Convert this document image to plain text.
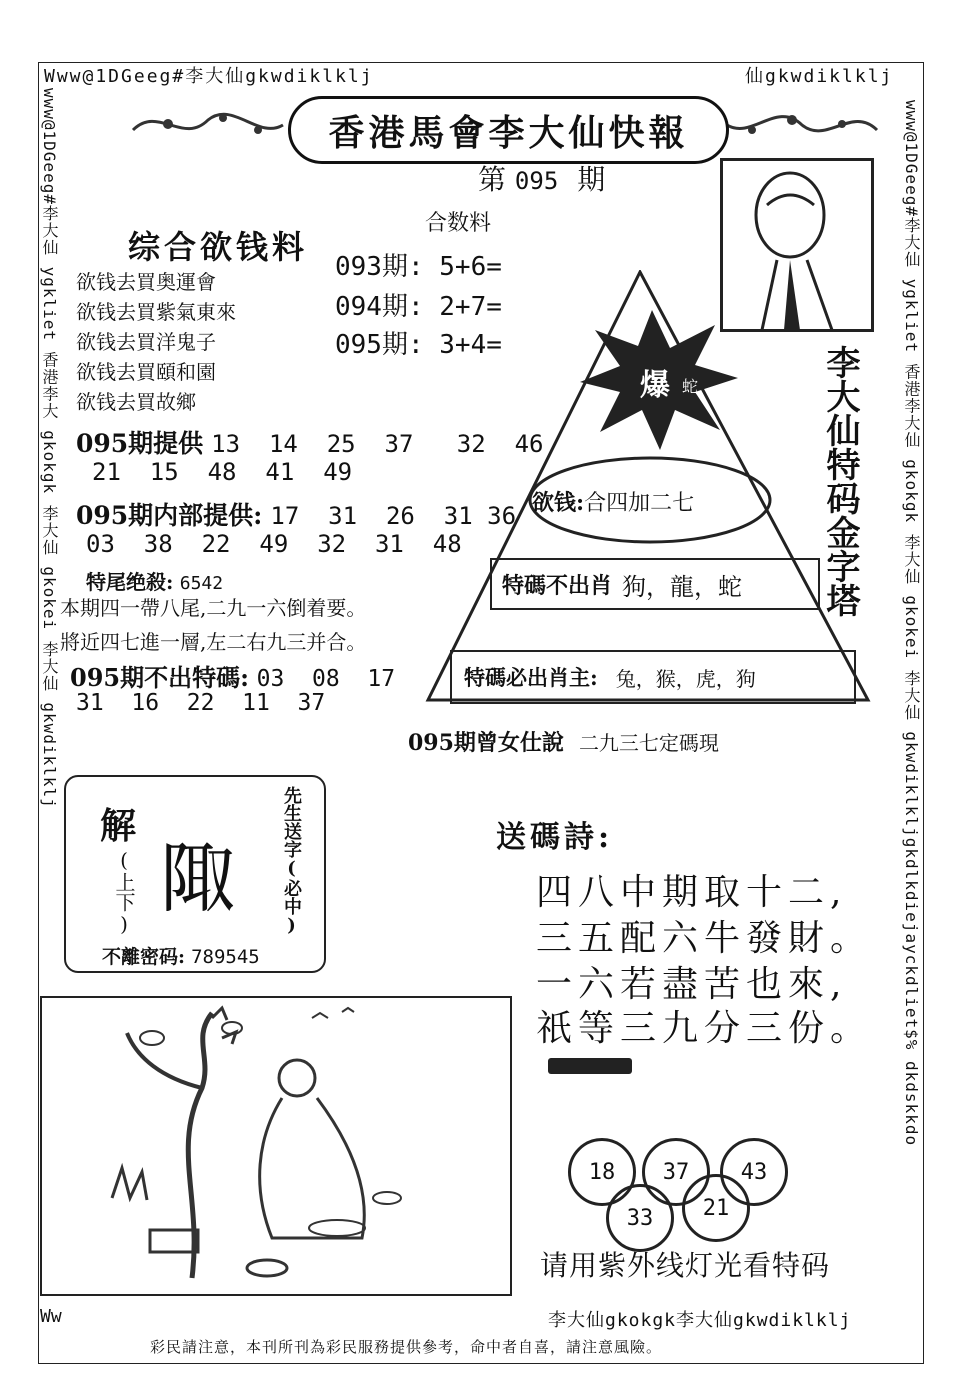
Www@1DGeeg#李大仙gkwdiklklj	仙gkwdiklklj
www@1DGeeg#李大仙 ygkliet 香港李大 gkokgk 李大仙 gkokei 李大仙 gkwdiklklj	www@1DGeeg#李大仙 ygkliet 香港李大仙 gkokgk 李大仙 gkokei 李大仙 gkwdiklkljgkdlkdiejayckdliet$% dkdskkdo
Ww	李大仙gkokgk李大仙gkwdiklklj
香港馬會李大仙快報
第 095 期
合数料
093期: 5+6=
094期: 2+7=
095期: 3+4=
综合欲钱料
欲钱去買奥運會
欲钱去買紫氣東來
欲钱去買洋鬼子
欲钱去買頤和園
欲钱去買故鄉
095期提供 13  14  25  37   32  46
21  15  48  41  49
095期内部提供: 17  31  26  31 36
03  38  22  49  32  31  48
特尾绝殺: 6542
本期四一帶八尾,二九一六倒着要。
將近四七進一層,左二右九三并合。
095期不出特碼: 03  08  17
31  16  22  11  37
爆 蛇	李大仙特码金字塔
欲钱:合四加二七
特碼不出肖 狗，龍，蛇
特碼必出肖主: 兔，猴，虎，狗
095期曾女仕說 二九三七定碼現
解
(上下) 陬	先生送字(必中)
不離密码: 789545
送碼詩:
四八中期取十二,
三五配六牛發財。
一六若盡苦也來,
祇等三九分三份。
18	37	43
33	21
请用紫外线灯光看特码
彩民請注意，本刊所刊為彩民服務提供參考，命中者自喜，請注意風險。
